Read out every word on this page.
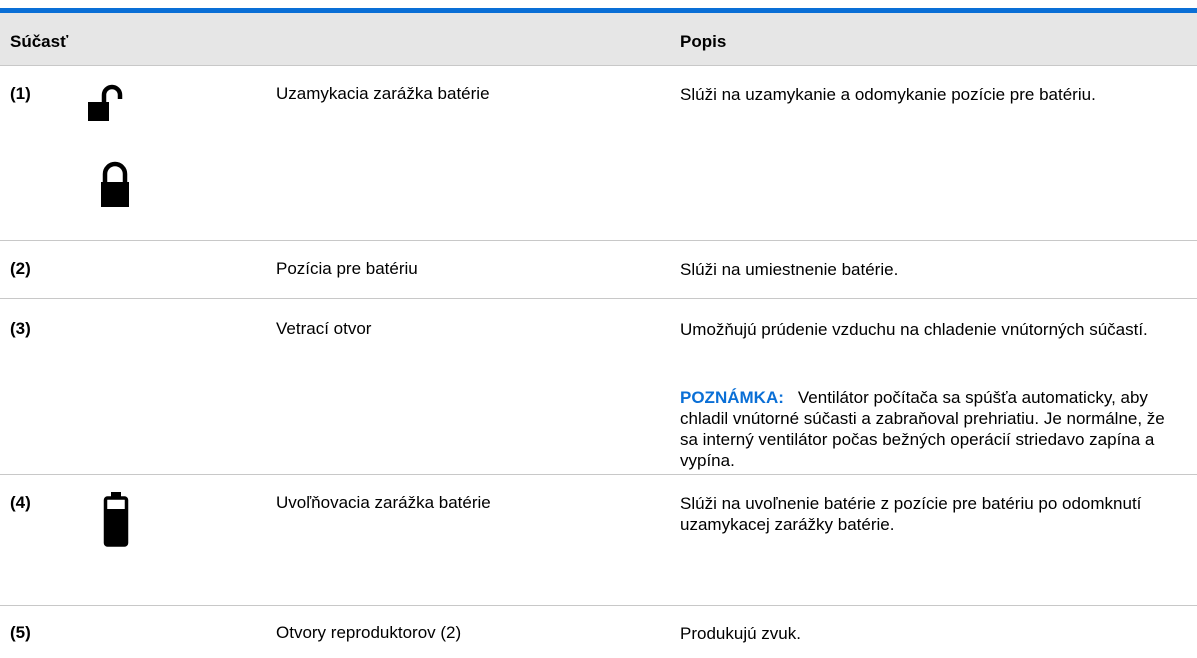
Súčasť	Popis
(1)	Uzamykacia zarážka batérie	Slúži na uzamykanie a odomykanie pozície pre batériu.
(2)	Pozícia pre batériu	Slúži na umiestnenie batérie.
(3)	Vetrací otvor	Umožňujú prúdenie vzduchu na chladenie vnútorných súčastí.
POZNÁMKA: Ventilátor počítača sa spúšťa automaticky, aby chladil vnútorné súčasti a zabraňoval prehriatiu. Je normálne, že sa interný ventilátor počas bežných operácií striedavo zapína a vypína.
(4)	Uvoľňovacia zarážka batérie	Slúži na uvoľnenie batérie z pozície pre batériu po odomknutí uzamykacej zarážky batérie.
(5)	Otvory reproduktorov (2)	Produkujú zvuk.
